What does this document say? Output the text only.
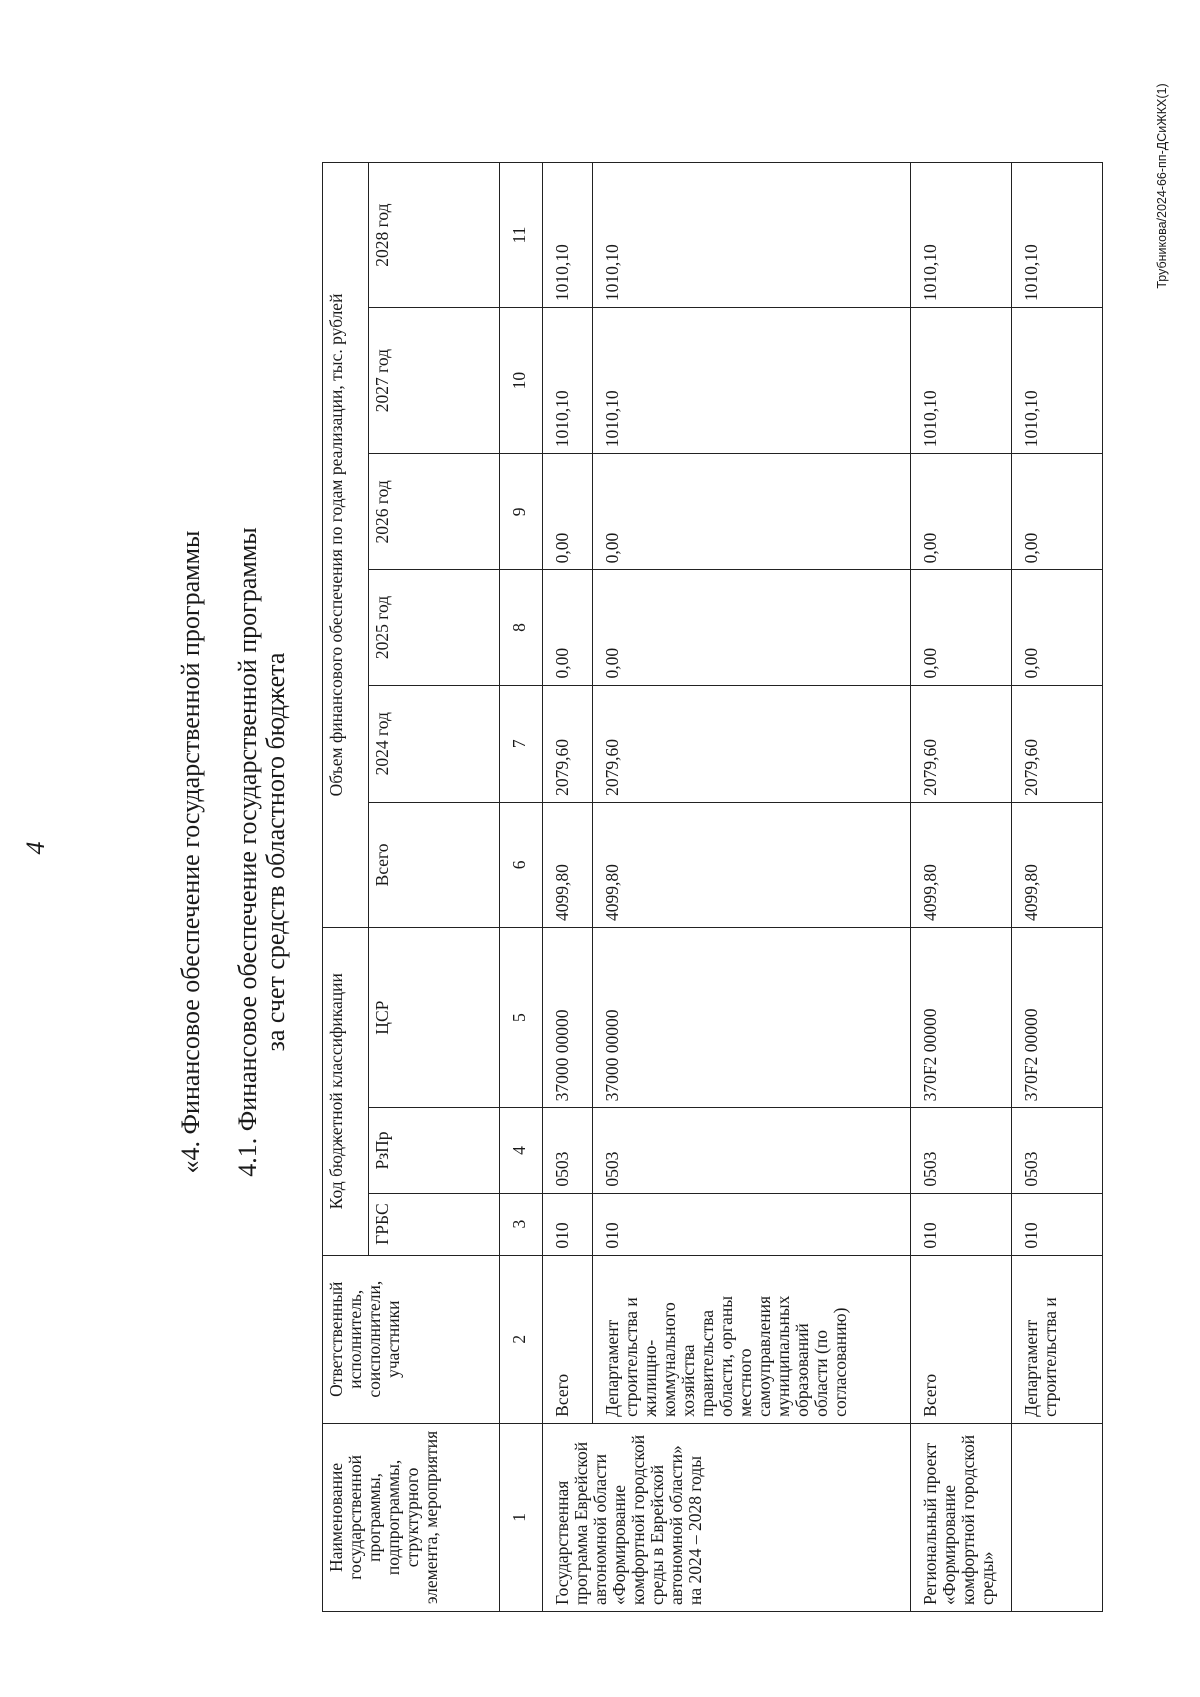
4	«4. Финансовое обеспечение государственной программы 4.1. Финансовое обеспечение государственной программы за счет средств областного бюджета
Трубникова/2024-66-пп-ДСиЖКХ(1)
Наименование государственной программы, подпрограммы, структурного элемента, мероприятия	Ответственный исполнитель, соисполнители, участники	Код бюджетной классификации			Объем финансового обеспечения по годам реализации, тыс. рублей					
		ГРБС	РзПр	ЦСР	Всего	2024 год	2025 год	2026 год	2027 год	2028 год
1	2	3	4	5	6	7	8	9	10	11
Государственная программа Еврейской автономной области «Формирование комфортной городской среды в Еврейской автономной области» на 2024 – 2028 годы	Всего	010	0503	37000 00000	4099,80	2079,60	0,00	0,00	1010,10	1010,10
	Департамент строительства и жилищно-коммунального хозяйства правительства области, органы местного самоуправления муниципальных образований области (по согласованию)	010	0503	37000 00000	4099,80	2079,60	0,00	0,00	1010,10	1010,10
Региональный проект «Формирование комфортной городской среды»	Всего	010	0503	370F2 00000	4099,80	2079,60	0,00	0,00	1010,10	1010,10
	Департамент строительства и	010	0503	370F2 00000	4099,80	2079,60	0,00	0,00	1010,10	1010,10
